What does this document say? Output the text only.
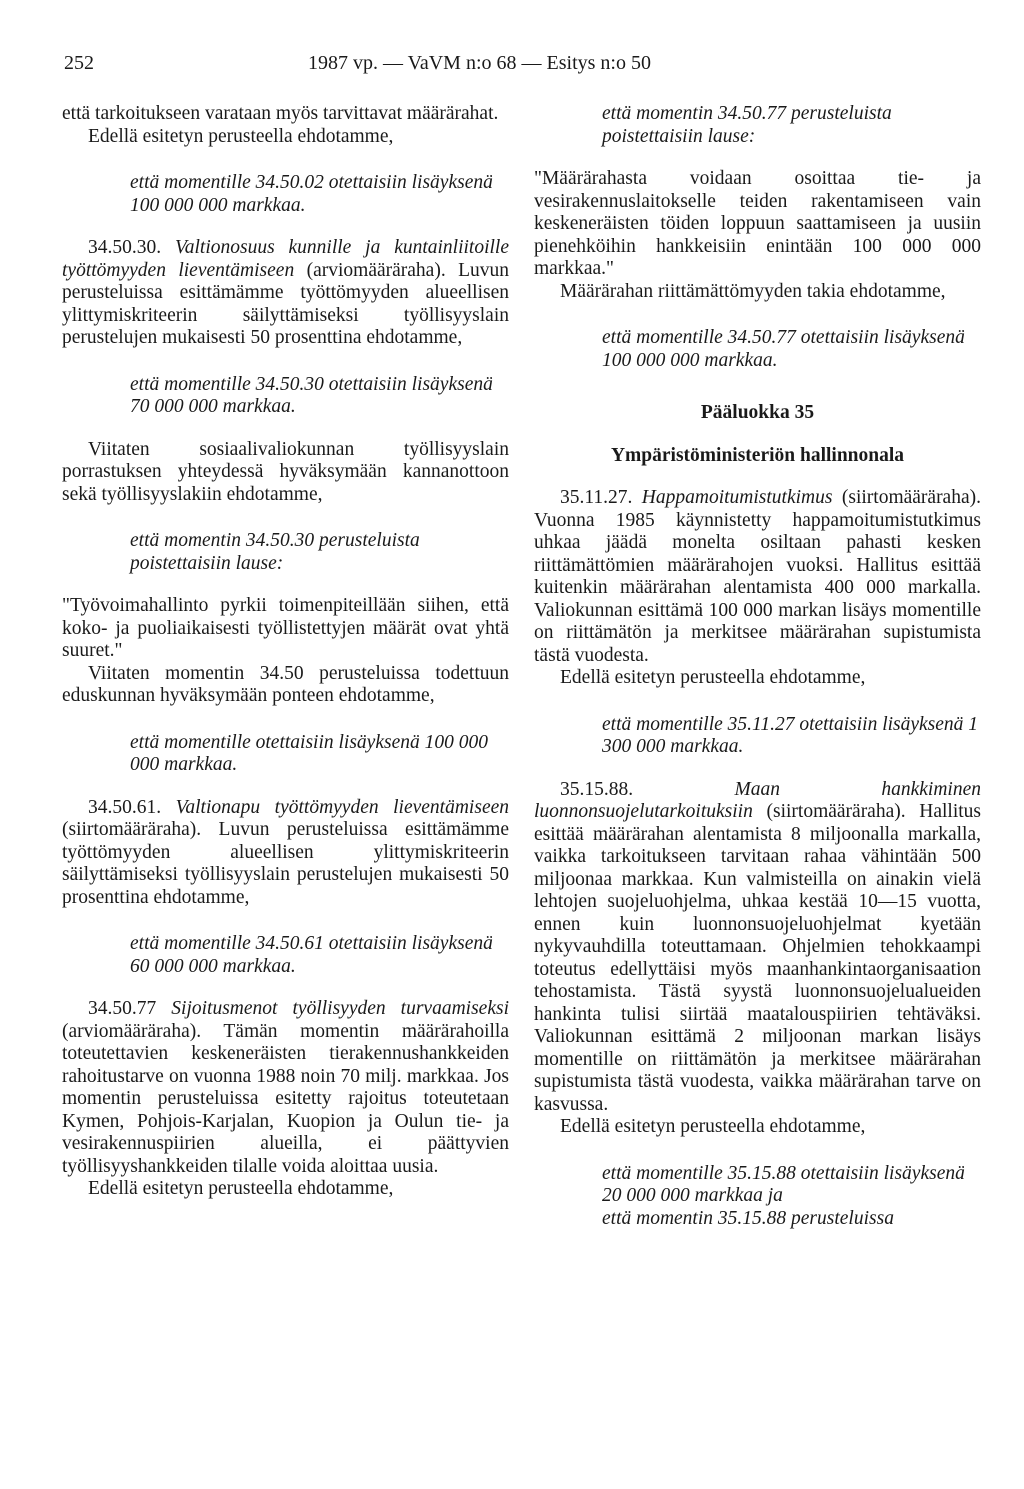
252	1987 vp. — VaVM n:o 68 — Esitys n:o 50

että tarkoitukseen varataan myös tarvittavat määrärahat.

Edellä esitetyn perusteella ehdotamme,

että momentille 34.50.02 otettaisiin lisäyksenä 100 000 000 markkaa.

34.50.30. Valtionosuus kunnille ja kuntainliitoille työttömyyden lieventämiseen (arviomääräraha). Luvun perusteluissa esittämämme työttömyyden alueellisen ylittymiskriteerin säilyttämiseksi työllisyyslain perustelujen mukaisesti 50 prosenttina ehdotamme,

että momentille 34.50.30 otettaisiin lisäyksenä 70 000 000 markkaa.

Viitaten sosiaalivaliokunnan työllisyyslain porrastuksen yhteydessä hyväksymään kannanottoon sekä työllisyyslakiin ehdotamme,

että momentin 34.50.30 perusteluista poistettaisiin lause:

"Työvoimahallinto pyrkii toimenpiteillään siihen, että koko- ja puoliaikaisesti työllistettyjen määrät ovat yhtä suuret."

Viitaten momentin 34.50 perusteluissa todettuun eduskunnan hyväksymään ponteen ehdotamme,

että momentille otettaisiin lisäyksenä 100 000 000 markkaa.

34.50.61. Valtionapu työttömyyden lieventämiseen (siirtomääräraha). Luvun perusteluissa esittämämme työttömyyden alueellisen ylittymiskriteerin säilyttämiseksi työllisyyslain perustelujen mukaisesti 50 prosenttina ehdotamme,

että momentille 34.50.61 otettaisiin lisäyksenä 60 000 000 markkaa.

34.50.77 Sijoitusmenot työllisyyden turvaamiseksi (arviomääräraha). Tämän momentin määrärahoilla toteutettavien keskeneräisten tierakennushankkeiden rahoitustarve on vuonna 1988 noin 70 milj. markkaa. Jos momentin perusteluissa esitetty rajoitus toteutetaan Kymen, Pohjois-Karjalan, Kuopion ja Oulun tie- ja vesirakennuspiirien alueilla, ei päättyvien työllisyyshankkeiden tilalle voida aloittaa uusia.

Edellä esitetyn perusteella ehdotamme,

että momentin 34.50.77 perusteluista poistettaisiin lause:

"Määrärahasta voidaan osoittaa tie- ja vesirakennuslaitokselle teiden rakentamiseen vain keskeneräisten töiden loppuun saattamiseen ja uusiin pienehköihin hankkeisiin enintään 100 000 000 markkaa."

Määrärahan riittämättömyyden takia ehdotamme,

että momentille 34.50.77 otettaisiin lisäyksenä 100 000 000 markkaa.

Pääluokka 35

Ympäristöministeriön hallinnonala

35.11.27. Happamoitumistutkimus (siirtomääräraha). Vuonna 1985 käynnistetty happamoitumistutkimus uhkaa jäädä monelta osiltaan pahasti kesken riittämättömien määrärahojen vuoksi. Hallitus esittää kuitenkin määrärahan alentamista 400 000 markalla. Valiokunnan esittämä 100 000 markan lisäys momentille on riittämätön ja merkitsee määrärahan supistumista tästä vuodesta.

Edellä esitetyn perusteella ehdotamme,

että momentille 35.11.27 otettaisiin lisäyksenä 1 300 000 markkaa.

35.15.88.	Maan hankkiminen luonnonsuojelutarkoituksiin (siirtomääräraha). Hallitus esittää määrärahan alentamista 8 miljoonalla markalla, vaikka tarkoitukseen tarvitaan rahaa vähintään 500 miljoonaa markkaa. Kun valmisteilla on ainakin vielä lehtojen suojeluohjelma, uhkaa kestää 10—15 vuotta, ennen kuin luonnonsuojeluohjelmat kyetään nykyvauhdilla toteuttamaan. Ohjelmien tehokkaampi toteutus edellyttäisi myös maanhankintaorganisaation tehostamista. Tästä syystä luonnonsuojelualueiden hankinta tulisi siirtää maatalouspiirien tehtäväksi. Valiokunnan esittämä 2 miljoonan markan lisäys momentille on riittämätön ja merkitsee määrärahan supistumista tästä vuodesta, vaikka määrärahan tarve on kasvussa.

Edellä esitetyn perusteella ehdotamme,

että momentille 35.15.88 otettaisiin lisäyksenä 20 000 000 markkaa ja

että momentin 35.15.88 perusteluissa
